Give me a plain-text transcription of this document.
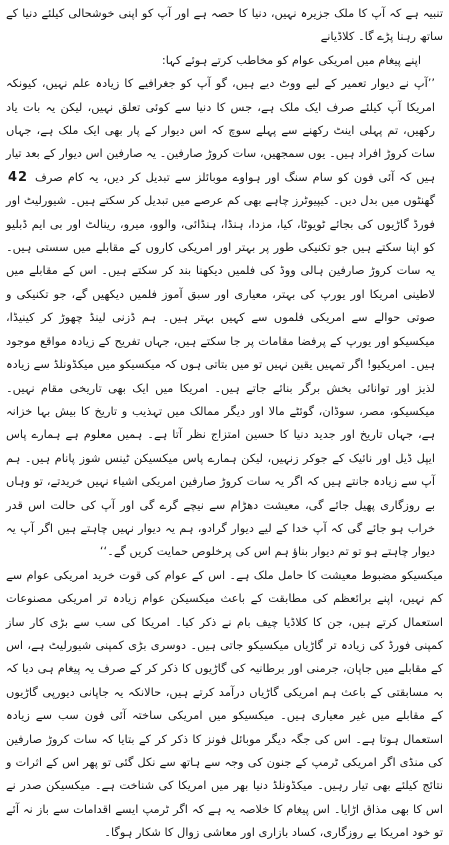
تنبیہ ہے کہ آپ کا ملک جزیرہ نہیں، دنیا کا حصہ ہے اور آپ کو اپنی خوشحالی کیلئے دنیا کے ساتھ رہنا پڑے گا۔ کلاڈیانے

اپنے پیغام میں امریکی عوام کو مخاطب کرتے ہوئے کہا:

’’آپ نے دیوار تعمیر کے لیے ووٹ دیے ہیں، گو آپ کو جغرافیے کا زیادہ علم نہیں، کیونکہ امریکا آپ کیلئے صرف ایک ملک ہے، جس کا دنیا سے کوئی تعلق نہیں، لیکن یہ بات یاد رکھیں، تم پہلی اینٹ رکھنے سے پہلے سوچ کہ اس دیوار کے پار بھی ایک ملک ہے، جہاں سات کروڑ افراد ہیں۔ یوں سمجھیں، سات کروڑ صارفین۔ یہ صارفین اس دیوار کے بعد تیار ہیں کہ آئی فون کو سام سنگ اور ہواوے موبائلز سے تبدیل کر دیں، یہ کام صرف 42 گھنٹوں میں بدل دیں۔ کیپیوٹرز چاہے بھی کم عرصے میں تبدیل کر سکتے ہیں۔ شیورلیٹ اور فورڈ گاڑیوں کی بجائے ٹویوٹا، کیا، مزدا، ہنڈا، ہنڈائی، والوو، میرو، رینالٹ اور بی ایم ڈبلیو کو اپنا سکتے ہیں جو تکنیکی طور پر بہتر اور امریکی کاروں کے مقابلے میں سستی ہیں۔ یہ سات کروڑ صارفین ہالی ووڈ کی فلمیں دیکھنا بند کر سکتے ہیں۔ اس کے مقابلے میں لاطینی امریکا اور یورپ کی بہتر، معیاری اور سبق آموز فلمیں دیکھیں گے، جو تکنیکی و صوتی حوالے سے امریکی فلموں سے کہیں بہتر ہیں۔ ہم ڈزنی لینڈ چھوڑ کر کینیڈا، میکسیکو اور یورپ کے پرفضا مقامات پر جا سکتے ہیں، جہاں تفریح کے زیادہ مواقع موجود ہیں۔ امریکیو! اگر تمہیں یقین نہیں تو میں بتاتی ہوں کہ میکسیکو میں میکڈونلڈ سے زیادہ لذیز اور توانائی بخش برگر بنائے جاتے ہیں۔ امریکا میں ایک بھی تاریخی مقام نہیں۔ میکسیکو، مصر، سوڈان، گوئٹے مالا اور دیگر ممالک میں تہذیب و تاریخ کا بیش بہا خزانہ ہے، جہاں تاریخ اور جدید دنیا کا حسین امتزاج نظر آتا ہے۔ ہمیں معلوم ہے ہمارے پاس ایپل ڈیل اور نائیک کے جوکر زنہیں، لیکن ہمارے پاس میکسیکن ٹینس شوز پانام ہیں۔ ہم آپ سے زیادہ جانتے ہیں کہ اگر یہ سات کروڑ صارفین امریکی اشیاء نہیں خریدتے، تو وہاں بے روزگاری پھیل جائے گی، معیشت دھڑام سے نیچے گرے گی اور آپ کی حالت اس قدر خراب ہو جائے گی کہ آپ خدا کے لیے دیوار گرادو، ہم یہ دیوار نہیں چاہتے ہیں اگر آپ یہ دیوار چاہتے ہو تو تم دیوار بناؤ ہم اس کی پرخلوص حمایت کریں گے۔‘‘

میکسیکو مضبوط معیشت کا حامل ملک ہے۔ اس کے عوام کی قوت خرید امریکی عوام سے کم نہیں، اپنے برائعظم کی مطابقت کے باعث میکسیکن عوام زیادہ تر امریکی مصنوعات استعمال کرتے ہیں، جن کا کلاڈیا چیف بام نے ذکر کیا۔ امریکا کی سب سے بڑی کار ساز کمپنی فورڈ کی زیادہ تر گاڑیاں میکسیکو جاتی ہیں۔ دوسری بڑی کمپنی شیورلیٹ ہے، اس کے مقابلے میں جاپان، جرمنی اور برطانیہ کی گاڑیوں کا ذکر کر کے صرف یہ پیغام ہی دیا کہ بہ مسابقتی کے باعث ہم امریکی گاڑیاں درآمد کرتے ہیں، حالانکہ یہ جاپانی دیورپی گاڑیوں کے مقابلے میں غیر معیاری ہیں۔ میکسیکو میں امریکی ساختہ آئی فون سب سے زیادہ استعمال ہوتا ہے۔ اس کی جگہ دیگر موبائل فونز کا ذکر کر کے بتایا کہ سات کروڑ صارفین کی منڈی اگر امریکی ٹرمپ کے جنون کی وجہ سے ہاتھ سے نکل گئی تو پھر اس کے اثرات و نتائج کیلئے بھی تیار رہیں۔ میکڈونلڈ دنیا بھر میں امریکا کی شناخت ہے۔ میکسیکن صدر نے اس کا بھی مذاق اڑایا۔ اس پیغام کا خلاصہ یہ ہے کہ اگر ٹرمپ ایسے اقدامات سے باز نہ آئے تو خود امریکا بے روزگاری، کساد بازاری اور معاشی زوال کا شکار ہوگا۔
